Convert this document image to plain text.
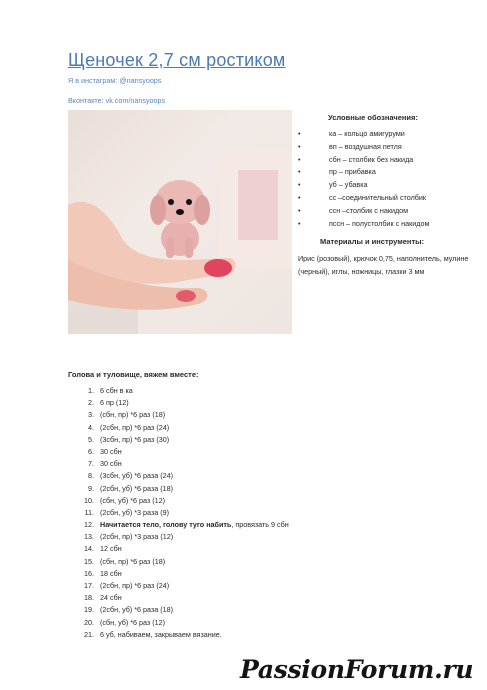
Щеночек 2,7 см ростиком
Я в инстаграм: @nansyoops
Вконтакте: vk.com/nansyoops
Условные обозначения:
•	ка – кольцо амигуруми
•	вп – воздушная петля
•	сбн – столбик без накида
•	пр – прибавка
•	уб – убавка
•	сс –соединительный столбик
•	ссн –столбик с накидом
•	пссн – полустолбик с накидом
Материалы и инструменты:
Ирис (розовый), крючок 0,75, наполнитель, мулине (черный), иглы, ножницы, глазки 3 мм
Голова и туловище, вяжем вместе:
1. 6 сбн в ка
2. 6 пр (12)
3. (сбн, пр) *6 раз (18)
4. (2сбн, пр) *6 раз (24)
5. (3сбн, пр) *6 раз (30)
6. 30 сбн
7. 30 сбн
8. (3сбн, уб) *6 раза (24)
9. (2сбн, уб) *6 раза (18)
10. (сбн, уб) *6 раз (12)
11. (2сбн, уб) *3 раза (9)
12. Начитается тело, голову туго набить, провязать 9 сбн
13. (2сбн, пр) *3 раза (12)
14. 12 сбн
15. (сбн, пр) *6 раз (18)
16. 18 сбн
17. (2сбн, пр) *6 раз (24)
18. 24 сбн
19. (2сбн, уб) *6 раза (18)
20. (сбн, уб) *6 раз (12)
21. 6 уб, набиваем, закрываем вязание.
PassionForum.ru
